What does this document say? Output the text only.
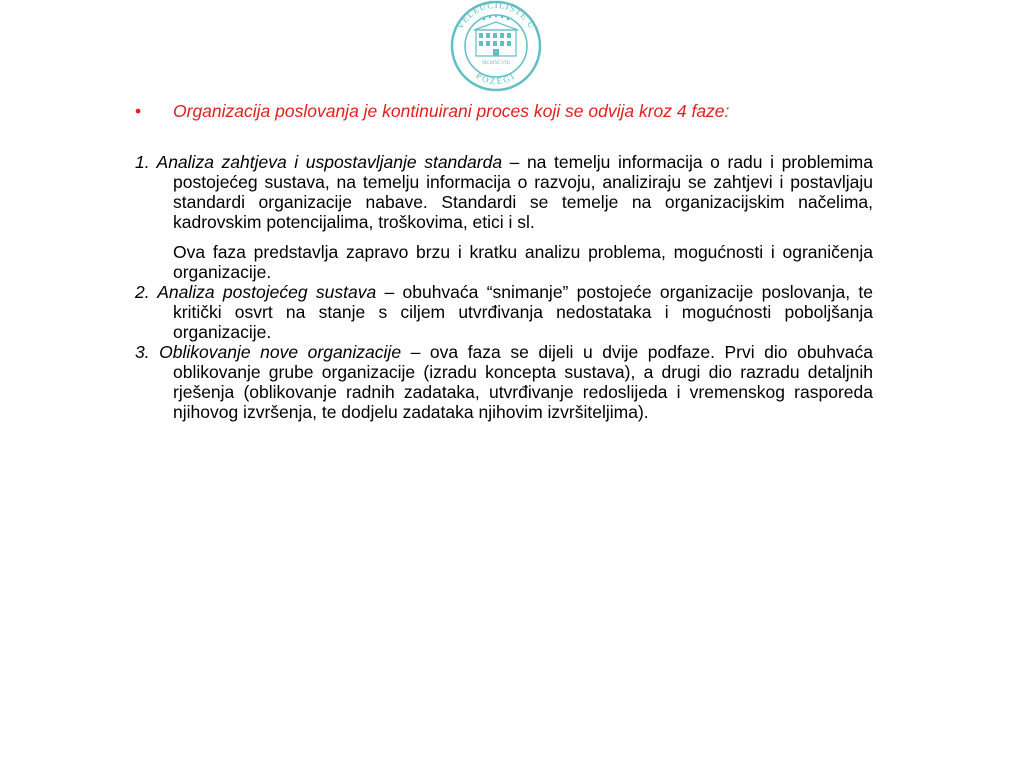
VELEUČILIŠTE U
POŽEGI
MCMXCVIII
• Organizacija poslovanja je kontinuirani proces koji se odvija kroz 4 faze:

1. Analiza zahtjeva i uspostavljanje standarda – na temelju informacija o radu i problemima postojećeg sustava, na temelju informacija o razvoju, analiziraju se zahtjevi i postavljaju standardi organizacije nabave. Standardi se temelje na organizacijskim načelima, kadrovskim potencijalima, troškovima, etici i sl.

Ova faza predstavlja zapravo brzu i kratku analizu problema, mogućnosti i ograničenja organizacije.

2. Analiza postojećeg sustava – obuhvaća “snimanje” postojeće organizacije poslovanja, te kritički osvrt na stanje s ciljem utvrđivanja nedostataka i mogućnosti poboljšanja organizacije.

3. Oblikovanje nove organizacije – ova faza se dijeli u dvije podfaze. Prvi dio obuhvaća oblikovanje grube organizacije (izradu koncepta sustava), a drugi dio razradu detaljnih rješenja (oblikovanje radnih zadataka, utvrđivanje redoslijeda i vremenskog rasporeda njihovog izvršenja, te dodjelu zadataka njihovim izvršiteljima).
